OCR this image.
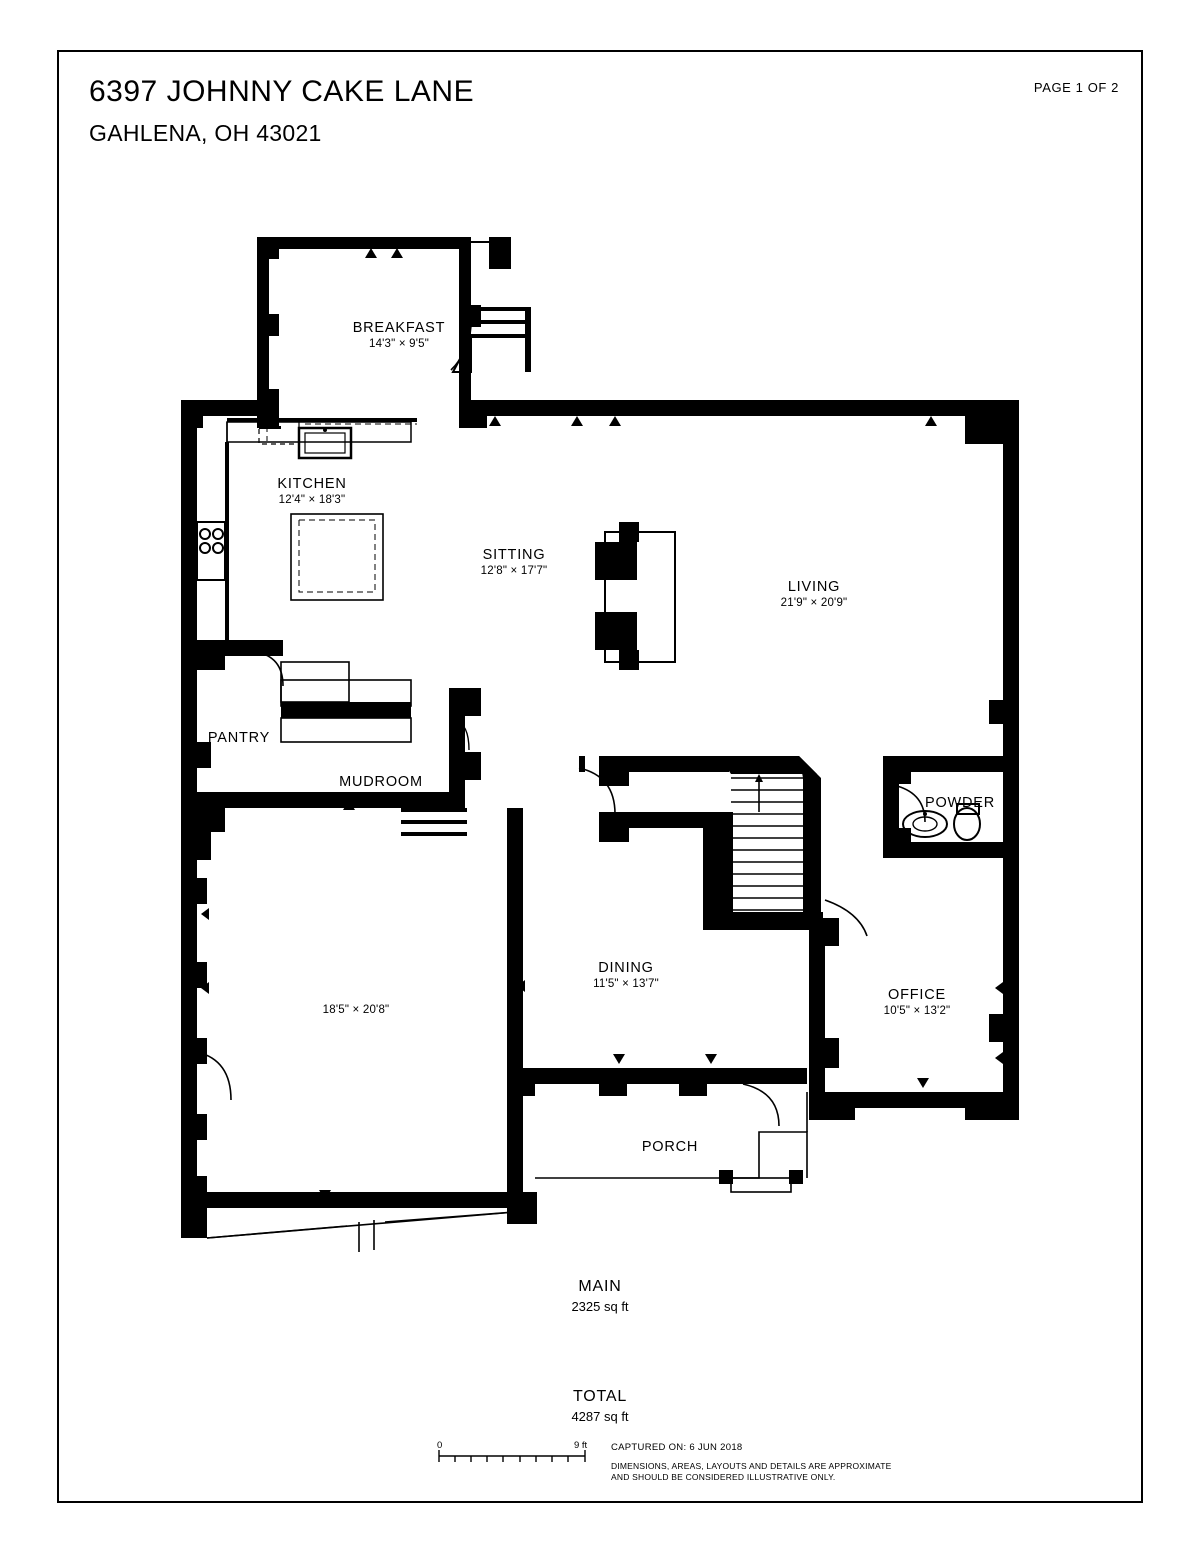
6397 JOHNNY CAKE LANE
GAHLENA, OH 43021
PAGE 1 OF 2
BREAKFAST
14'3" × 9'5"
KITCHEN
12'4" × 18'3"
SITTING
12'8" × 17'7"
LIVING
21'9" × 20'9"
PANTRY
MUDROOM
POWDER
18'5" × 20'8"
DINING
11'5" × 13'7"
OFFICE
10'5" × 13'2"
PORCH
MAIN
2325 sq ft
TOTAL
4287 sq ft
0	9 ft	CAPTURED ON: 6 JUN 2018
DIMENSIONS, AREAS, LAYOUTS AND DETAILS ARE APPROXIMATE
AND SHOULD BE CONSIDERED ILLUSTRATIVE ONLY.
